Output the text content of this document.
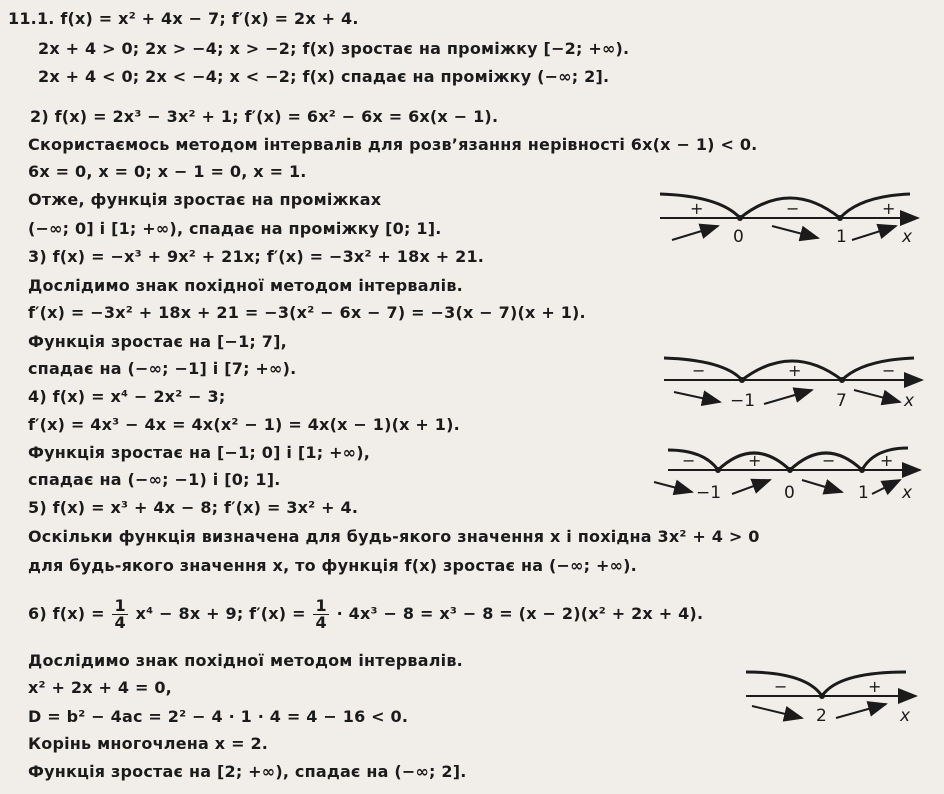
11.1. f(x) = x² + 4x − 7; f′(x) = 2x + 4.
2x + 4 > 0; 2x > −4; x > −2; f(x) зростає на проміжку [−2; +∞).
2x + 4 < 0; 2x < −4; x < −2; f(x) спадає на проміжку (−∞; 2].
2) f(x) = 2x³ − 3x² + 1; f′(x) = 6x² − 6x = 6x(x − 1).
Скористаємось методом інтервалів для розв’язання нерівності 6x(x − 1) < 0.
6x = 0, x = 0; x − 1 = 0, x = 1.
Отже, функція зростає на проміжках
(−∞; 0] і [1; +∞), спадає на проміжку [0; 1].
3) f(x) = −x³ + 9x² + 21x; f′(x) = −3x² + 18x + 21.
Дослідимо знак похідної методом інтервалів.
f′(x) = −3x² + 18x + 21 = −3(x² − 6x − 7) = −3(x − 7)(x + 1).
Функція зростає на [−1; 7],
спадає на (−∞; −1] і [7; +∞).
4) f(x) = x⁴ − 2x² − 3;
f′(x) = 4x³ − 4x = 4x(x² − 1) = 4x(x − 1)(x + 1).
Функція зростає на [−1; 0] і [1; +∞),
спадає на (−∞; −1) і [0; 1].
5) f(x) = x³ + 4x − 8; f′(x) = 3x² + 4.
Оскільки функція визначена для будь-якого значення x і похідна 3x² + 4 > 0
для будь-якого значення x, то функція f(x) зростає на (−∞; +∞).
6) $f(x) = \frac{1}{4} x^4 - 8x + 9$; $f'(x) = \frac{1}{4} \cdot 4x^3 - 8 = x^3 - 8 = (x - 2)(x^2 + 2x + 4)$.
Дослідимо знак похідної методом інтервалів.
x² + 2x + 4 = 0,
D = b² − 4ac = 2² − 4 · 1 · 4 = 4 − 16 < 0.
Корінь многочлена x = 2.
Функція зростає на [2; +∞), спадає на (−∞; 2].
+	−	+
0	1	x
−	+	−
−1	7	x
−	+	−	+
−1	0	1 x
−	+
2	x
